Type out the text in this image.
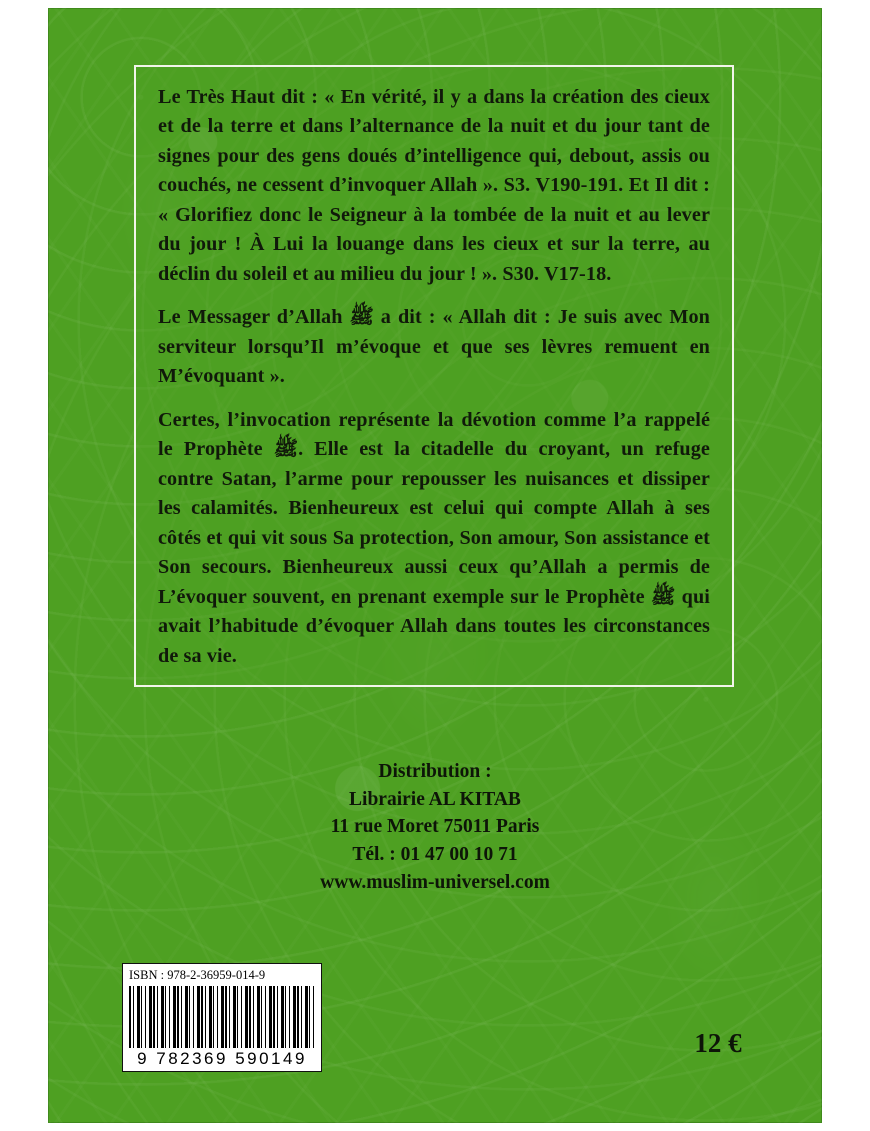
Le Très Haut dit : « En vérité, il y a dans la création des cieux et de la terre et dans l’alternance de la nuit et du jour tant de signes pour des gens doués d’intelligence qui, debout, assis ou couchés, ne cessent d’invoquer Allah ». S3. V190-191. Et Il dit : « Glorifiez donc le Seigneur à la tombée de la nuit et au lever du jour ! À Lui la louange dans les cieux et sur la terre, au déclin du soleil et au milieu du jour ! ». S30. V17-18.

Le Messager d’Allah ﷺ a dit : « Allah dit : Je suis avec Mon serviteur lorsqu’Il m’évoque et que ses lèvres remuent en M’évoquant ».

Certes, l’invocation représente la dévotion comme l’a rappelé le Prophète ﷺ. Elle est la citadelle du croyant, un refuge contre Satan, l’arme pour repousser les nuisances et dissiper les calamités. Bienheureux est celui qui compte Allah à ses côtés et qui vit sous Sa protection, Son amour, Son assistance et Son secours. Bienheureux aussi ceux qu’Allah a permis de L’évoquer souvent, en prenant exemple sur le Prophète ﷺ qui avait l’habitude d’évoquer Allah dans toutes les circonstances de sa vie.

Distribution :
Librairie AL KITAB
11 rue Moret 75011 Paris
Tél. : 01 47 00 10 71
www.muslim-universel.com
ISBN : 978-2-36959-014-9
9 782369 590149
12 €
